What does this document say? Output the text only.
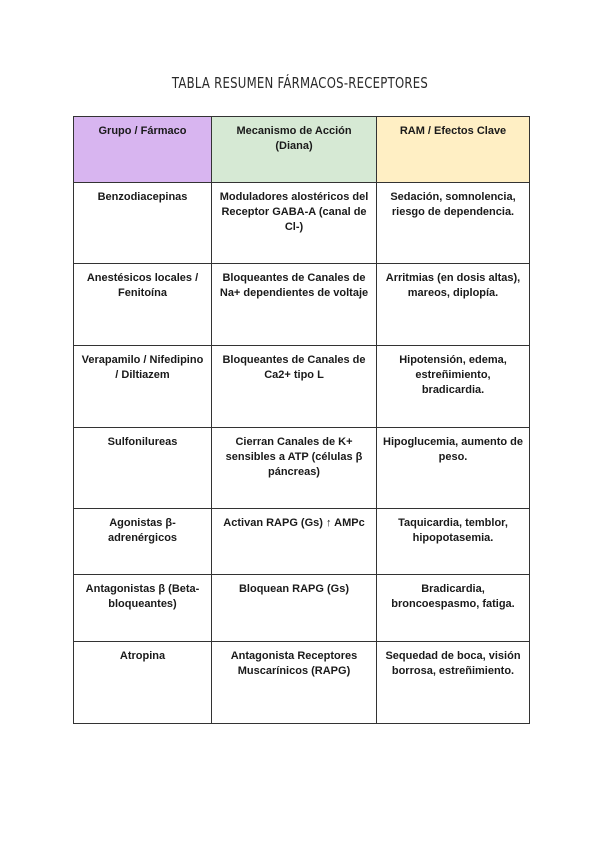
TABLA RESUMEN FÁRMACOS-RECEPTORES
Grupo / Fármaco	Mecanismo de Acción (Diana)	RAM / Efectos Clave
Benzodiacepinas	Moduladores alostéricos del Receptor GABA-A (canal de Cl-)	Sedación, somnolencia, riesgo de dependencia.
Anestésicos locales / Fenitoína	Bloqueantes de Canales de Na+ dependientes de voltaje	Arritmias (en dosis altas), mareos, diplopía.
Verapamilo / Nifedipino / Diltiazem	Bloqueantes de Canales de Ca2+ tipo L	Hipotensión, edema, estreñimiento, bradicardia.
Sulfonilureas	Cierran Canales de K+ sensibles a ATP (células β páncreas)	Hipoglucemia, aumento de peso.
Agonistas β-adrenérgicos	Activan RAPG (Gs) ↑ AMPc	Taquicardia, temblor, hipopotasemia.
Antagonistas β (Beta-bloqueantes)	Bloquean RAPG (Gs)	Bradicardia, broncoespasmo, fatiga.
Atropina	Antagonista Receptores Muscarínicos (RAPG)	Sequedad de boca, visión borrosa, estreñimiento.
